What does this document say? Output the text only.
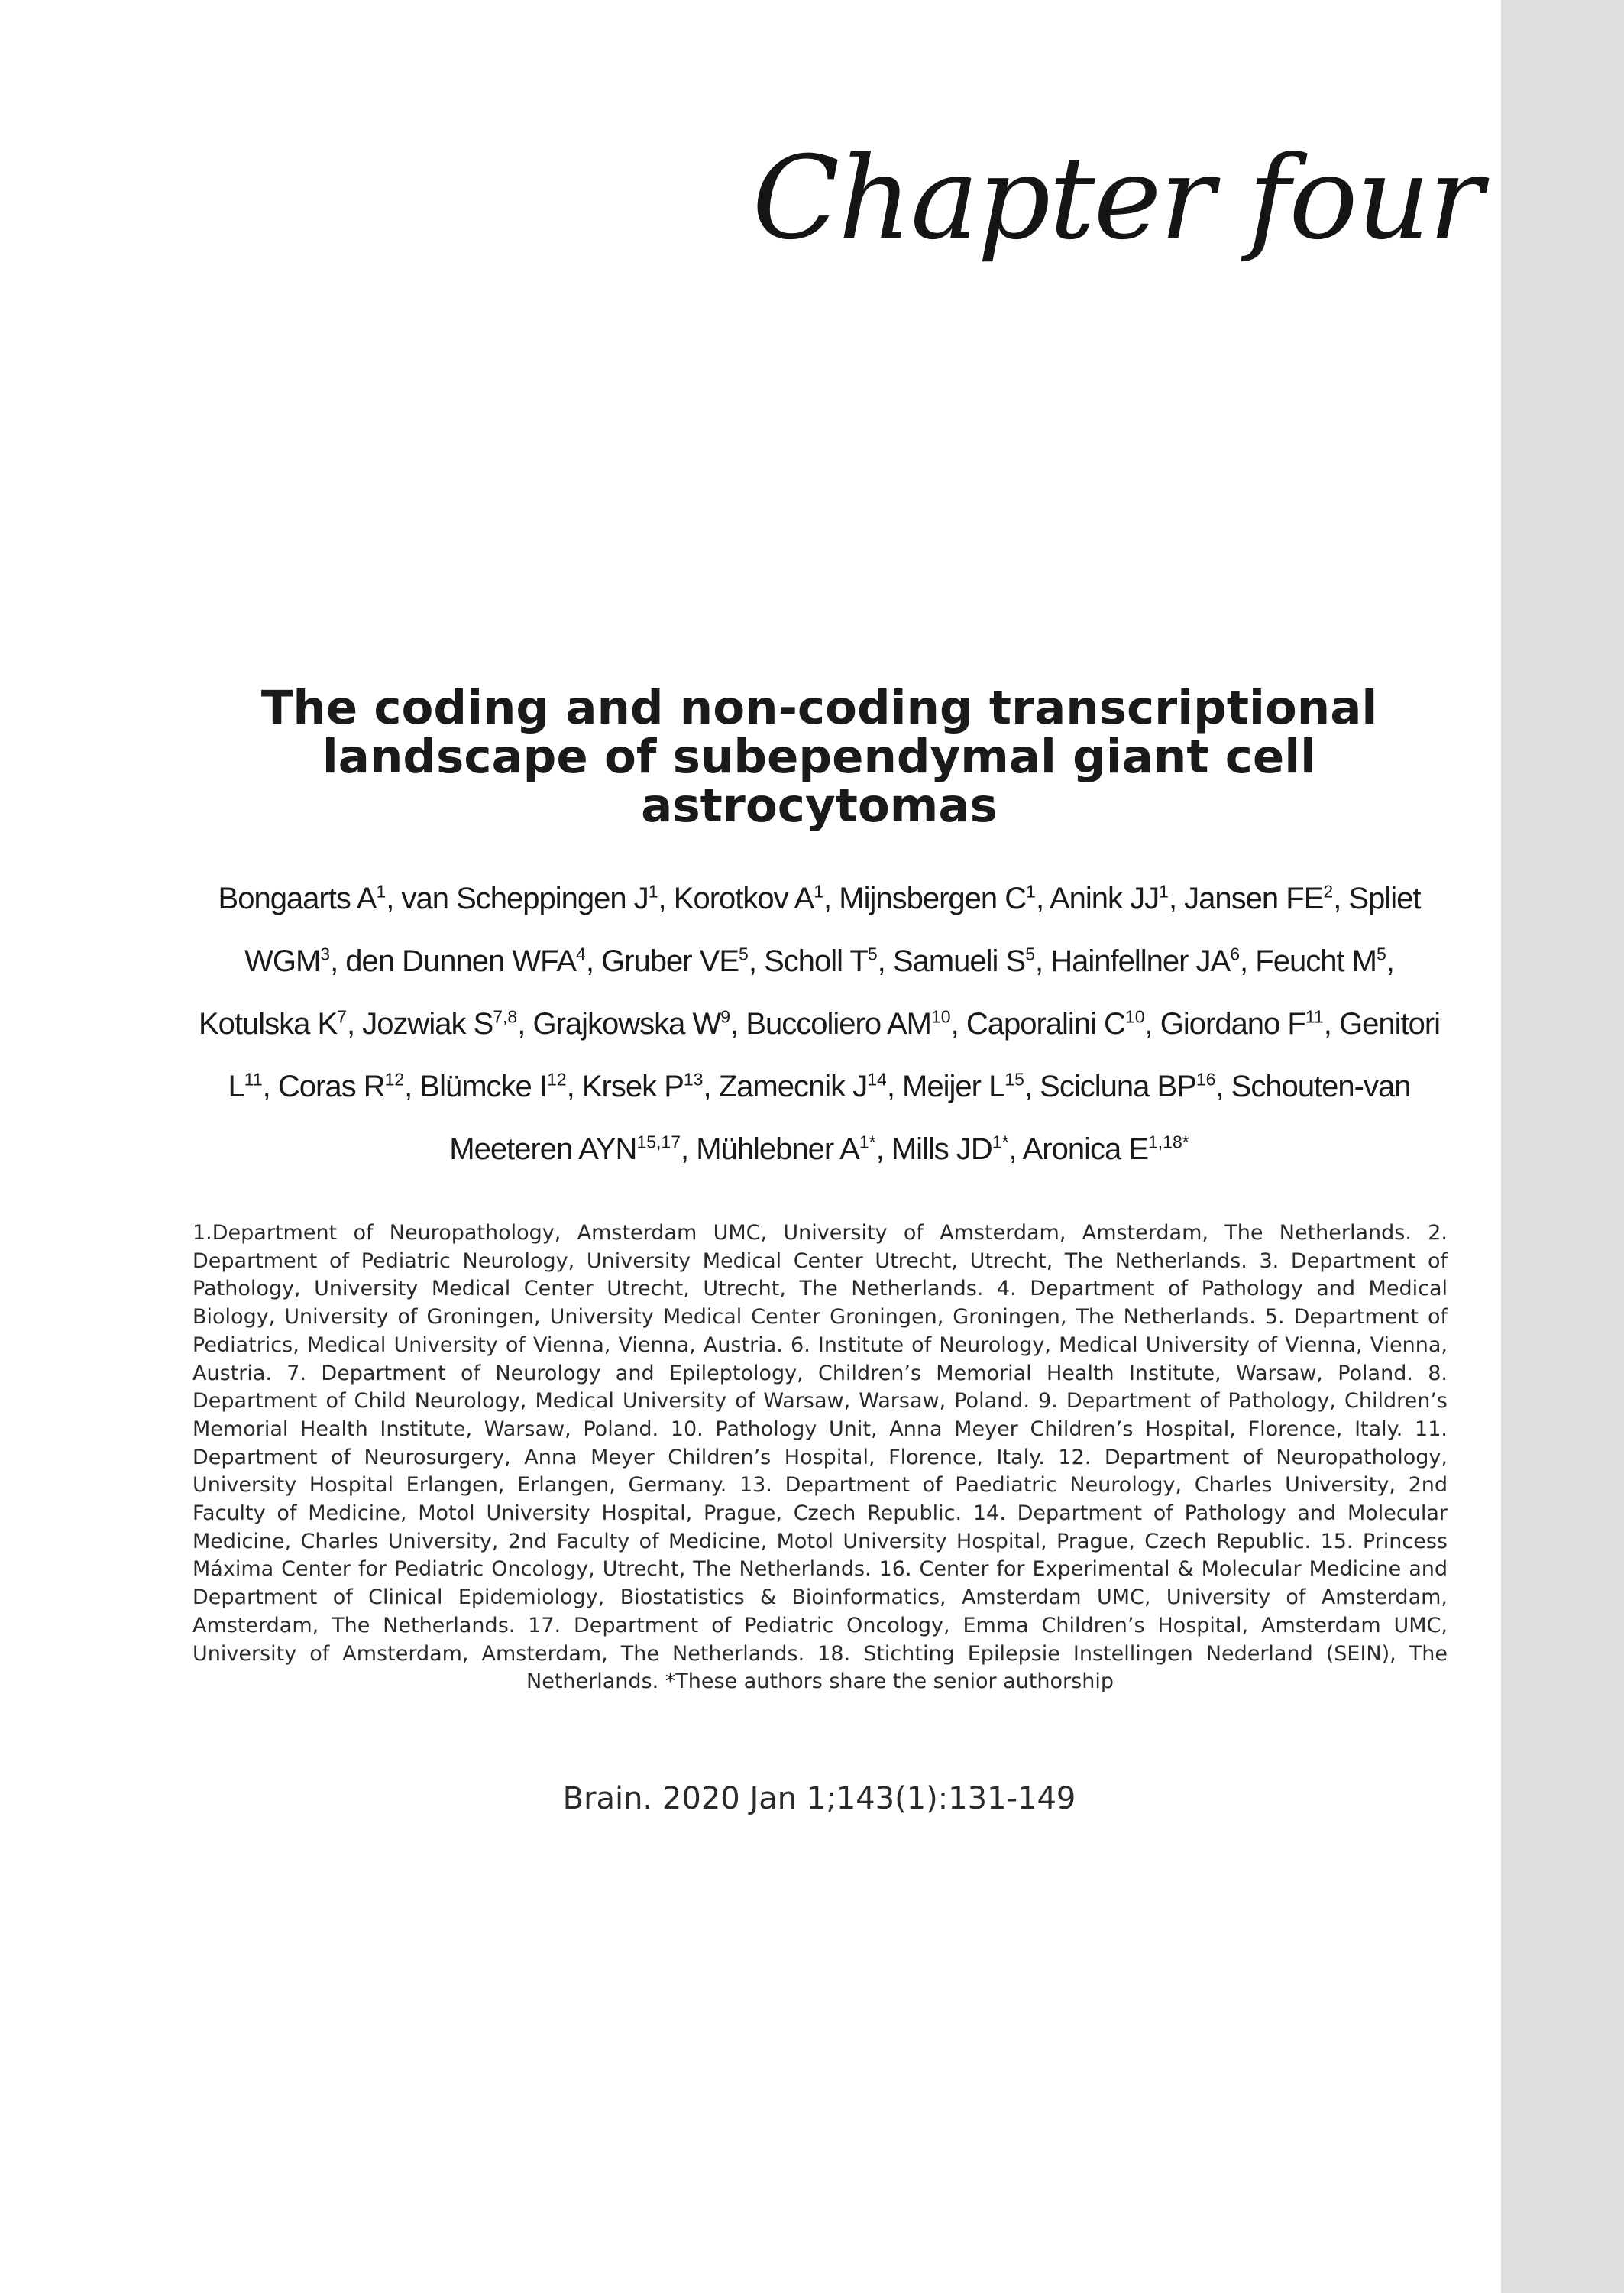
Chapter four
The coding and non-coding transcriptional landscape of subependymal giant cell astrocytomas
Bongaarts $A^1$, van Scheppingen $J^1$, Korotkov $A^1$, Mijnsbergen $C^1$, Anink $JJ^1$, Jansen $FE^2$, Spliet WGM$^3$, den Dunnen WFA$^4$, Gruber $VE^5$, Scholl $T^5$, Samueli $S^5$, Hainfellner $JA^6$, Feucht $M^5$, Kotulska $K^7$, Jozwiak S$^{7,8}$, Grajkowska $W^9$, Buccoliero AM$^{10}$, Caporalini $C^{10}$, Giordano $F^{11}$, Genitori $L^{11}$, Coras $R^{12}$, Blümcke $I^{12}$, Krsek $P^{13}$, Zamecnik $J^{14}$, Meijer $L^{15}$, Scicluna BP$^{16}$, Schouten-van Meeteren AYN$^{15,17}$, Mühlebner $A^{1*}$, Mills $JD^{1*}$, Aronica $E^{1,18*}$
1.Department of Neuropathology, Amsterdam UMC, University of Amsterdam, Amsterdam, The Netherlands. 2. Department of Pediatric Neurology, University Medical Center Utrecht, Utrecht, The Netherlands. 3. Department of Pathology, University Medical Center Utrecht, Utrecht, The Netherlands. 4. Department of Pathology and Medical Biology, University of Groningen, University Medical Center Groningen, Groningen, The Netherlands. 5. Department of Pediatrics, Medical University of Vienna, Vienna, Austria. 6. Institute of Neurology, Medical University of Vienna, Vienna, Austria. 7. Department of Neurology and Epileptology, Children’s Memorial Health Institute, Warsaw, Poland. 8. Department of Child Neurology, Medical University of Warsaw, Warsaw, Poland. 9. Department of Pathology, Children’s Memorial Health Institute, Warsaw, Poland. 10. Pathology Unit, Anna Meyer Children’s Hospital, Florence, Italy. 11. Department of Neurosurgery, Anna Meyer Children’s Hospital, Florence, Italy. 12. Department of Neuropathology, University Hospital Erlangen, Erlangen, Germany. 13. Department of Paediatric Neurology, Charles University, 2nd Faculty of Medicine, Motol University Hospital, Prague, Czech Republic. 14. Department of Pathology and Molecular Medicine, Charles University, 2nd Faculty of Medicine, Motol University Hospital, Prague, Czech Republic. 15. Princess Máxima Center for Pediatric Oncology, Utrecht, The Netherlands. 16. Center for Experimental & Molecular Medicine and Department of Clinical Epidemiology, Biostatistics & Bioinformatics, Amsterdam UMC, University of Amsterdam, Amsterdam, The Netherlands. 17. Department of Pediatric Oncology, Emma Children’s Hospital, Amsterdam UMC, University of Amsterdam, Amsterdam, The Netherlands. 18. Stichting Epilepsie Instellingen Nederland (SEIN), The Netherlands. *These authors share the senior authorship
Brain. 2020 Jan 1;143(1):131-149
